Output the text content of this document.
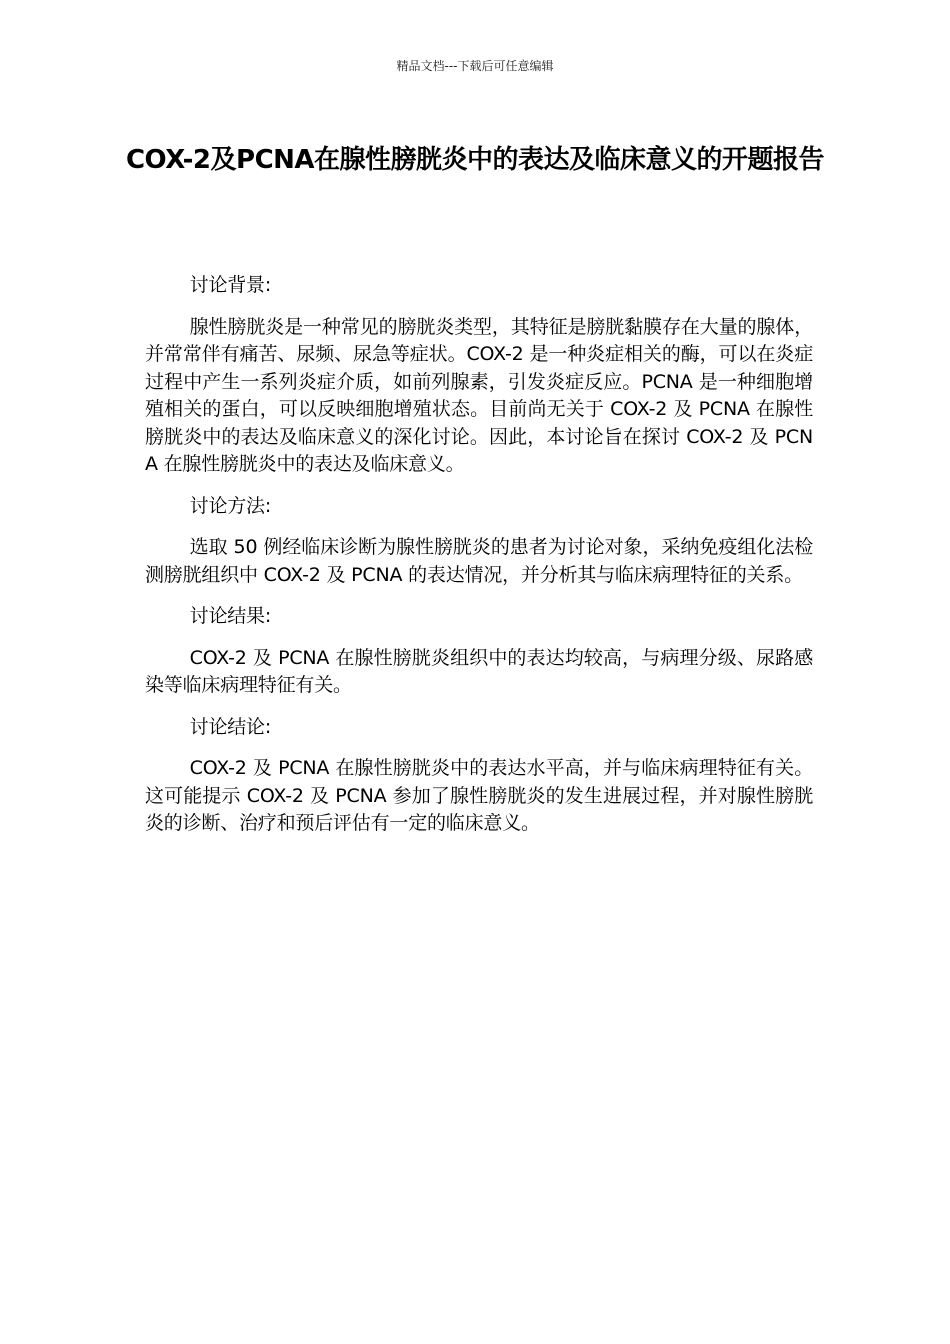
精品文档---下载后可任意编辑
COX-2及PCNA在腺性膀胱炎中的表达及临床意义的开题报告

讨论背景:

腺性膀胱炎是一种常见的膀胱炎类型，其特征是膀胱黏膜存在大量的腺体，并常常伴有痛苦、尿频、尿急等症状。COX-2 是一种炎症相关的酶，可以在炎症过程中产生一系列炎症介质，如前列腺素，引发炎症反应。PCNA 是一种细胞增殖相关的蛋白，可以反映细胞增殖状态。目前尚无关于 COX-2 及 PCNA 在腺性膀胱炎中的表达及临床意义的深化讨论。因此，本讨论旨在探讨 COX-2 及 PCNA 在腺性膀胱炎中的表达及临床意义。

讨论方法:

选取 50 例经临床诊断为腺性膀胱炎的患者为讨论对象，采纳免疫组化法检测膀胱组织中 COX-2 及 PCNA 的表达情况，并分析其与临床病理特征的关系。

讨论结果:

COX-2 及 PCNA 在腺性膀胱炎组织中的表达均较高，与病理分级、尿路感染等临床病理特征有关。

讨论结论:

COX-2 及 PCNA 在腺性膀胱炎中的表达水平高，并与临床病理特征有关。这可能提示 COX-2 及 PCNA 参加了腺性膀胱炎的发生进展过程，并对腺性膀胱炎的诊断、治疗和预后评估有一定的临床意义。
